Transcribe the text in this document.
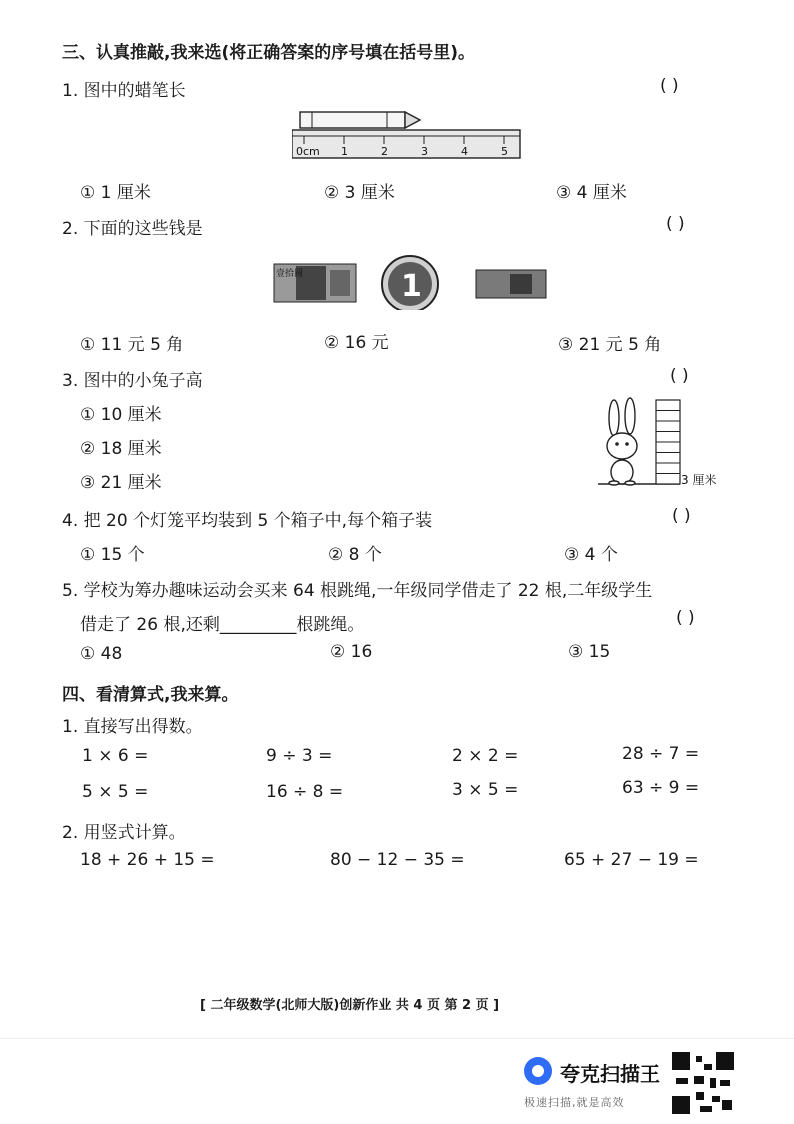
三、认真推敲,我来选(将正确答案的序号填在括号里)。
1. 图中的蜡笔长	( )
0cm 1	2	3	4	5
① 1 厘米	② 3 厘米	③ 4 厘米
2. 下面的这些钱是	( )
壹拾圆	1
① 11 元 5 角	② 16 元	③ 21 元 5 角
3. 图中的小兔子高	( )
① 10 厘米
② 18 厘米
③ 21 厘米	3 厘米
4. 把 20 个灯笼平均装到 5 个箱子中,每个箱子装	( )
① 15 个	② 8 个	③ 4 个
5. 学校为筹办趣味运动会买来 64 根跳绳,一年级同学借走了 22 根,二年级学生
借走了 26 根,还剩_________根跳绳。	( )
① 48	② 16	③ 15
四、看清算式,我来算。
1. 直接写出得数。
1 × 6 =	9 ÷ 3 =	2 × 2 =	28 ÷ 7 =
5 × 5 =	16 ÷ 8 =	3 × 5 =	63 ÷ 9 =
2. 用竖式计算。
18 + 26 + 15 =	80 − 12 − 35 =	65 + 27 − 19 =
[ 二年级数学(北师大版)创新作业 共 4 页 第 2 页 ]
夸克扫描王
极速扫描,就是高效
